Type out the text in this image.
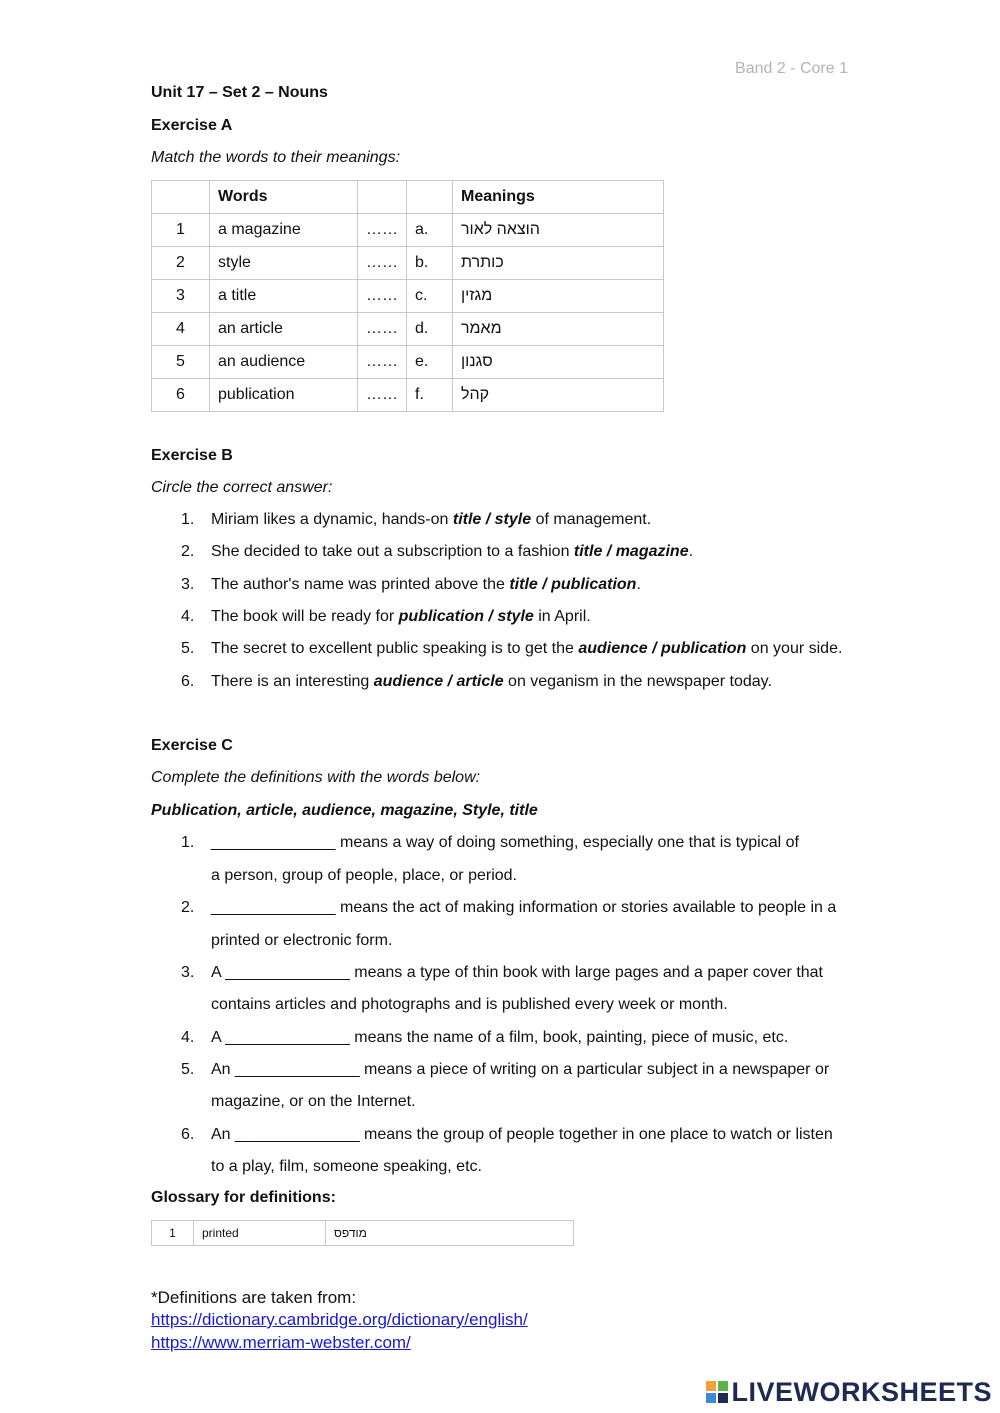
Band 2 - Core 1
Unit 17 – Set 2 – Nouns
Exercise A
Match the words to their meanings:
	Words			Meanings
1	a magazine	……	a.	הוצאה לאור
2	style	……	b.	כותרת
3	a title	……	c.	מגזין
4	an article	……	d.	מאמר
5	an audience	……	e.	סגנון
6	publication	……	f.	קהל
Exercise B
Circle the correct answer:
1.	Miriam likes a dynamic, hands-on title / style of management.
2.	She decided to take out a subscription to a fashion title / magazine.
3.	The author's name was printed above the title / publication.
4.	The book will be ready for publication / style in April.
5.	The secret to excellent public speaking is to get the audience / publication on your side.
6.	There is an interesting audience / article on veganism in the newspaper today.
Exercise C
Complete the definitions with the words below:
Publication, article, audience, magazine, Style, title
1.	______________ means a way of doing something, especially one that is typical of
a person, group of people, place, or period.
2.	______________ means the act of making information or stories available to people in a
printed or electronic form.
3.	A ______________ means a type of thin book with large pages and a paper cover that
contains articles and photographs and is published every week or month.
4.	A ______________ means the name of a film, book, painting, piece of music, etc.
5.	An ______________ means a piece of writing on a particular subject in a newspaper or
magazine, or on the Internet.
6.	An ______________ means the group of people together in one place to watch or listen
to a play, film, someone speaking, etc.
Glossary for definitions:
1	printed	מודפס
*Definitions are taken from:
https://dictionary.cambridge.org/dictionary/english/
https://www.merriam-webster.com/
LIVEWORKSHEETS
